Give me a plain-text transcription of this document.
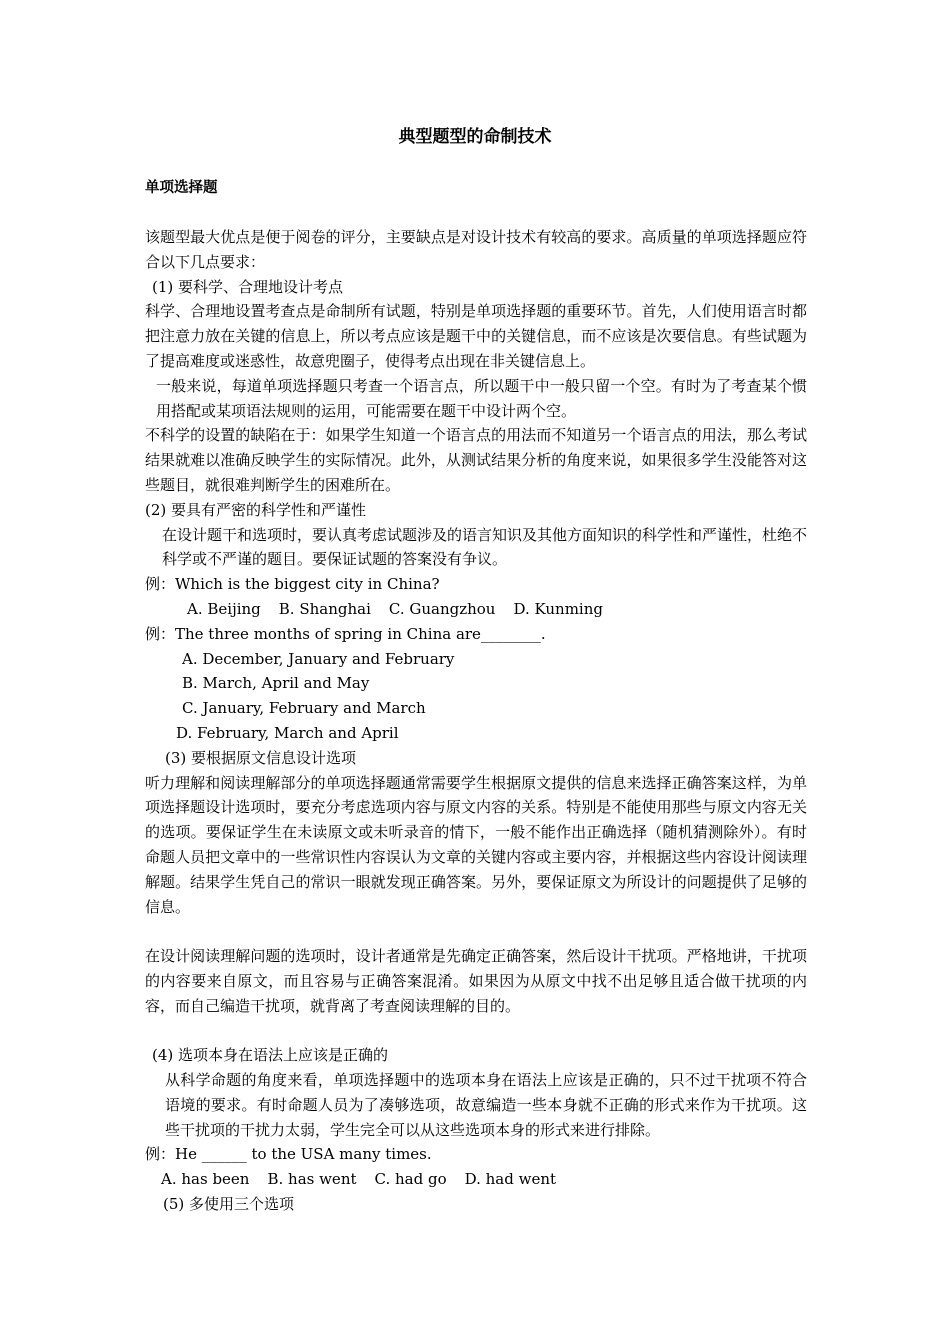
典型题型的命制技术
单项选择题

该题型最大优点是便于阅卷的评分，主要缺点是对设计技术有较高的要求。高质量的单项选择题应符合以下几点要求：

(1) 要科学、合理地设计考点

科学、合理地设置考查点是命制所有试题，特别是单项选择题的重要环节。首先，人们使用语言时都把注意力放在关键的信息上，所以考点应该是题干中的关键信息，而不应该是次要信息。有些试题为了提高难度或迷惑性，故意兜圈子，使得考点出现在非关键信息上。

一般来说，每道单项选择题只考查一个语言点，所以题干中一般只留一个空。有时为了考查某个惯用搭配或某项语法规则的运用，可能需要在题干中设计两个空。

不科学的设置的缺陷在于：如果学生知道一个语言点的用法而不知道另一个语言点的用法，那么考试结果就难以准确反映学生的实际情况。此外，从测试结果分析的角度来说，如果很多学生没能答对这些题目，就很难判断学生的困难所在。

(2) 要具有严密的科学性和严谨性

在设计题干和选项时，要认真考虑试题涉及的语言知识及其他方面知识的科学性和严谨性，杜绝不科学或不严谨的题目。要保证试题的答案没有争议。

例：Which is the biggest city in China?

A. Beijing B. Shanghai C. Guangzhou D. Kunming

例：The three months of spring in China are________.

A. December, January and February

B. March, April and May

C. January, February and March

D. February, March and April

(3) 要根据原文信息设计选项

听力理解和阅读理解部分的单项选择题通常需要学生根据原文提供的信息来选择正确答案这样，为单项选择题设计选项时，要充分考虑选项内容与原文内容的关系。特别是不能使用那些与原文内容无关的选项。要保证学生在未读原文或未听录音的情下，一般不能作出正确选择（随机猜测除外）。有时命题人员把文章中的一些常识性内容误认为文章的关键内容或主要内容，并根据这些内容设计阅读理解题。结果学生凭自己的常识一眼就发现正确答案。另外，要保证原文为所设计的问题提供了足够的信息。

在设计阅读理解问题的选项时，设计者通常是先确定正确答案，然后设计干扰项。严格地讲，干扰项的内容要来自原文，而且容易与正确答案混淆。如果因为从原文中找不出足够且适合做干扰项的内容，而自己编造干扰项，就背离了考查阅读理解的目的。

(4) 选项本身在语法上应该是正确的

从科学命题的角度来看，单项选择题中的选项本身在语法上应该是正确的，只不过干扰项不符合语境的要求。有时命题人员为了凑够选项，故意编造一些本身就不正确的形式来作为干扰项。这些干扰项的干扰力太弱，学生完全可以从这些选项本身的形式来进行排除。

例：He ______ to the USA many times.

A. has been B. has went C. had go D. had went

(5) 多使用三个选项
